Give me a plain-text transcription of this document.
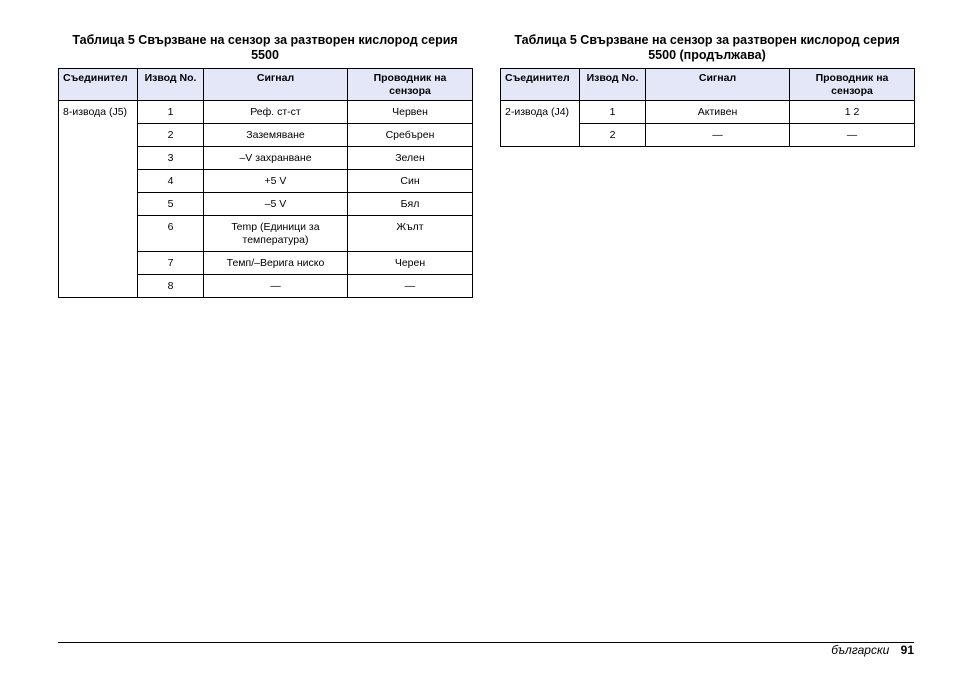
Таблица 5 Свързване на сензор за разтворен кислород серия
5500
Съединител	Извод No.	Сигнал	Проводник на сензора
8-извода (J5)	1	Реф. ст-ст	Червен
	2	Заземяване	Сребърен
	3	–V захранване	Зелен
	4	+5 V	Син
	5	–5 V	Бял
	6	Temp (Единици за температура)	Жълт
	7	Темп/–Верига ниско	Черен
	8	—	—
Таблица 5 Свързване на сензор за разтворен кислород серия
5500 (продължава)
Съединител	Извод No.	Сигнал	Проводник на сензора
2-извода (J4)	1	Активен	1 2
	2	—	—
български 91
